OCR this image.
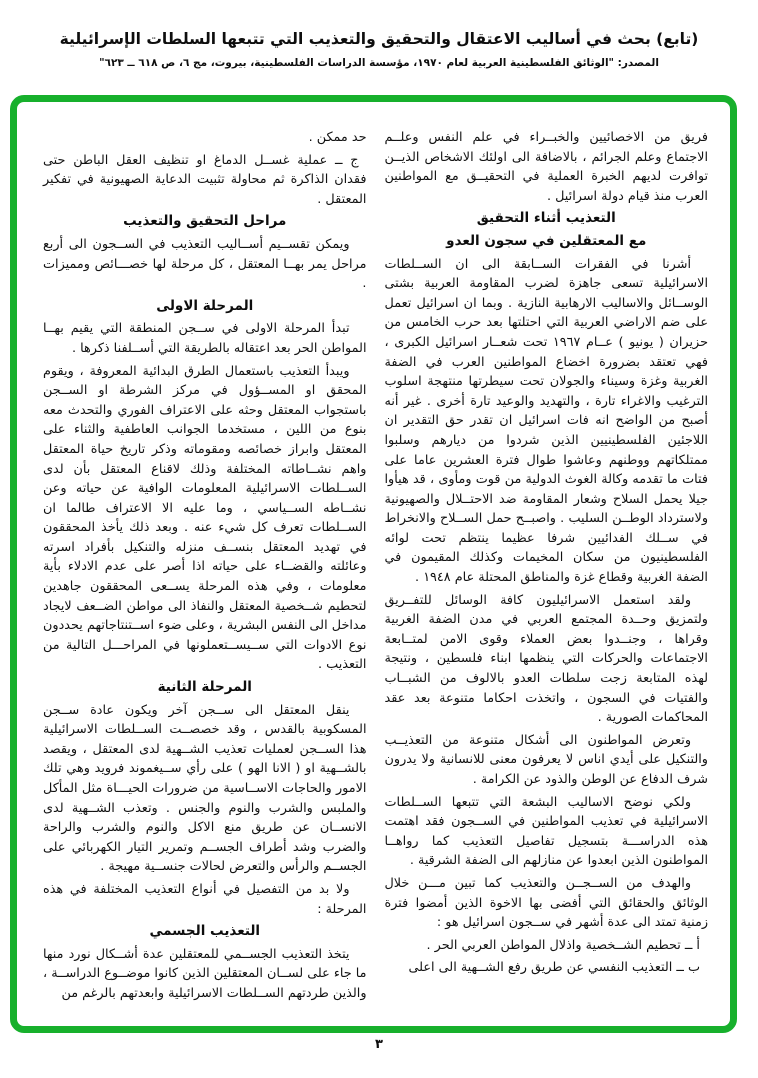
(تابع) بحث في أساليب الاعتقال والتحقيق والتعذيب التي تتبعها السلطات الإسرائيلية
المصدر: "الوثائق الفلسطينية العربية لعام ١٩٧٠، مؤسسة الدراسات الفلسطينية، بيروت، مج ٦، ص ٦١٨ ــ ٦٢٣"

فريق من الاخصائيين والخبــراء في علم النفس وعلــم الاجتماع وعلم الجرائم ، بالاضافة الى اولئك الاشخاص الذيــن توافرت لديهم الخبرة العملية في التحقيــق مع المواطنين العرب منذ قيام دولة اسرائيل .

التعذيب أثناء التحقيق
مع المعتقلين في سجون العدو

أشرنا في الفقرات الســابقة الى ان الســلطات الاسرائيلية تسعى جاهزة لضرب المقاومة العربية بشتى الوســائل والاساليب الارهابية النازية . وبما ان اسرائيل تعمل على ضم الاراضي العربية التي احتلتها بعد حرب الخامس من حزيران ( يونيو ) عــام ١٩٦٧ تحت شعــار اسرائيل الكبرى ، فهي تعتقد بضرورة اخضاع المواطنين العرب في الضفة الغربية وغزة وسيناء والجولان تحت سيطرتها منتهجة اسلوب الترغيب والاغراء تارة ، والتهديد والوعيد تارة أخرى . غير أنه أصبح من الواضح انه فات اسرائيل ان تقدر حق التقدير ان اللاجئين الفلسطينيين الذين شردوا من ديارهم وسلبوا ممتلكاتهم ووطنهم وعاشوا طوال فترة العشرين عاما على فتات ما تقدمه وكالة الغوث الدولية من قوت ومأوى ، قد هيأوا جيلا يحمل السلاح وشعار المقاومة ضد الاحتــلال والصهيونية ولاسترداد الوطــن السليب . واصبــح حمل الســلاح والانخراط في ســلك الفدائيين شرفا عظيما ينتظم تحت لوائه الفلسطينيون من سكان المخيمات وكذلك المقيمون في الضفة الغربية وقطاع غزة والمناطق المحتلة عام ١٩٤٨ .

ولقد استعمل الاسرائيليون كافة الوسائل للتفــريق ولتمزيق وحــدة المجتمع العربي في مدن الضفة الغربية وقراها ، وجنــدوا بعض العملاء وقوى الامن لمتــابعة الاجتماعات والحركات التي ينظمها ابناء فلسطين ، ونتيجة لهذه المتابعة زجت سلطات العدو بالالوف من الشبــاب والفتيات في السجون ، واتخذت احكاما متنوعة بعد عقد المحاكمات الصورية .

وتعرض المواطنون الى أشكال متنوعة من التعذيــب والتنكيل على أيدي اناس لا يعرفون معنى للانسانية ولا يدرون شرف الدفاع عن الوطن والذود عن الكرامة .

ولكي نوضح الاساليب البشعة التي تتبعها الســلطات الاسرائيلية في تعذيب المواطنين في الســجون فقد اهتمت هذه الدراســـة بتسجيل تفاصيل التعذيب كما رواهــا المواطنون الذين ابعدوا عن منازلهم الى الضفة الشرقية .

والهدف من الســجــن والتعذيب كما تبين مـــن خلال الوثائق والحقائق التي أفضى بها الاخوة الذين أمضوا فترة زمنية تمتد الى عدة أشهر في ســجون اسرائيل هو :

أ ــ تحطيم الشــخصية واذلال المواطن العربي الحر .

ب ــ التعذيب النفسي عن طريق رفع الشــهية الى اعلى

حد ممكن .

ج ــ عملية غســل الدماغ او تنظيف العقل الباطن حتى فقدان الذاكرة ثم محاولة تثبيت الدعاية الصهيونية في تفكير المعتقل .

مراحل التحقيق والتعذيب

ويمكن تقســيم أســاليب التعذيب في الســجون الى أربع مراحل يمر بهــا المعتقل ، كل مرحلة لها خصـــائص ومميزات .

المرحلة الاولى

تبدأ المرحلة الاولى في ســجن المنطقة التي يقيم بهــا المواطن الحر بعد اعتقاله بالطريقة التي أســلفنا ذكرها .

ويبدأ التعذيب باستعمال الطرق البدائية المعروفة ، ويقوم المحقق او المســؤول في مركز الشرطة او الســجن باستجواب المعتقل وحثه على الاعتراف الفوري والتحدث معه بنوع من اللين ، مستخدما الجوانب العاطفية والثناء على المعتقل وابراز خصائصه ومقوماته وذكر تاريخ حياة المعتقل واهم نشــاطاته المختلفة وذلك لاقناع المعتقل بأن لدى الســلطات الاسرائيلية المعلومات الوافية عن حياته وعن نشــاطه الســياسي ، وما عليه الا الاعتراف طالما ان الســلطات تعرف كل شيء عنه . وبعد ذلك يأخذ المحققون في تهديد المعتقل بنســف منزله والتنكيل بأفراد اسرته وعائلته والقضــاء على حياته اذا أصر على عدم الادلاء بأية معلومات ، وفي هذه المرحلة يســعى المحققون جاهدين لتحطيم شــخصية المعتقل والنفاذ الى مواطن الضــعف لايجاد مداخل الى النفس البشرية ، وعلى ضوء اســتنتاجاتهم يحددون نوع الادوات التي ســيســتعملونها في المراحـــل التالية من التعذيب .

المرحلة الثانية

ينقل المعتقل الى ســجن آخر ويكون عادة ســجن المسكوبية بالقدس ، وقد خصصــت الســلطات الاسرائيلية هذا الســجن لعمليات تعذيب الشــهية لدى المعتقل ، ويقصد بالشــهية او ( الانا الهو ) على رأي ســيغموند فرويد وهي تلك الامور والحاجات الاســاسية من ضرورات الحيـــاة مثل المأكل والملبس والشرب والنوم والجنس . وتعذب الشــهية لدى الانســان عن طريق منع الاكل والنوم والشرب والراحة والضرب وشد أطراف الجســم وتمرير التيار الكهربائي على الجســم والرأس والتعرض لحالات جنســية مهيجة .

ولا بد من التفصيل في أنواع التعذيب المختلفة في هذه المرحلة :

التعذيب الجسمي

يتخذ التعذيب الجســمي للمعتقلين عدة أشــكال نورد منها ما جاء على لســان المعتقلين الذين كانوا موضــوع الدراســة ، والذين طردتهم الســلطات الاسرائيلية وابعدتهم بالرغم من

٣
